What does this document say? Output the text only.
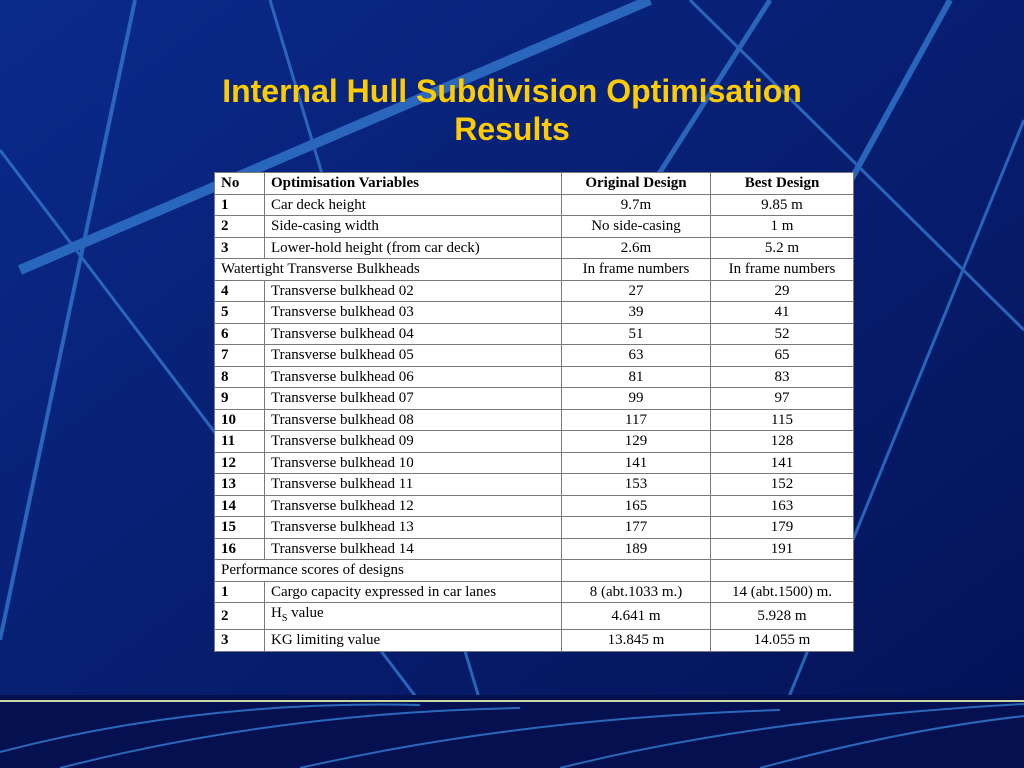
Internal Hull Subdivision Optimisation
Results
No	Optimisation Variables	Original Design	Best Design
1	Car deck height	9.7m	9.85 m
2	Side-casing width	No side-casing	1 m
3	Lower-hold height (from car deck)	2.6m	5.2 m
Watertight Transverse Bulkheads		In frame numbers	In frame numbers
4	Transverse bulkhead 02	27	29
5	Transverse bulkhead 03	39	41
6	Transverse bulkhead 04	51	52
7	Transverse bulkhead 05	63	65
8	Transverse bulkhead 06	81	83
9	Transverse bulkhead 07	99	97
10	Transverse bulkhead 08	117	115
11	Transverse bulkhead 09	129	128
12	Transverse bulkhead 10	141	141
13	Transverse bulkhead 11	153	152
14	Transverse bulkhead 12	165	163
15	Transverse bulkhead 13	177	179
16	Transverse bulkhead 14	189	191
Performance scores of designs			
1	Cargo capacity expressed in car lanes	8 (abt.1033 m.)	14 (abt.1500) m.
2	$H_S$ value	4.641 m	5.928 m
3	KG limiting value	13.845 m	14.055 m
